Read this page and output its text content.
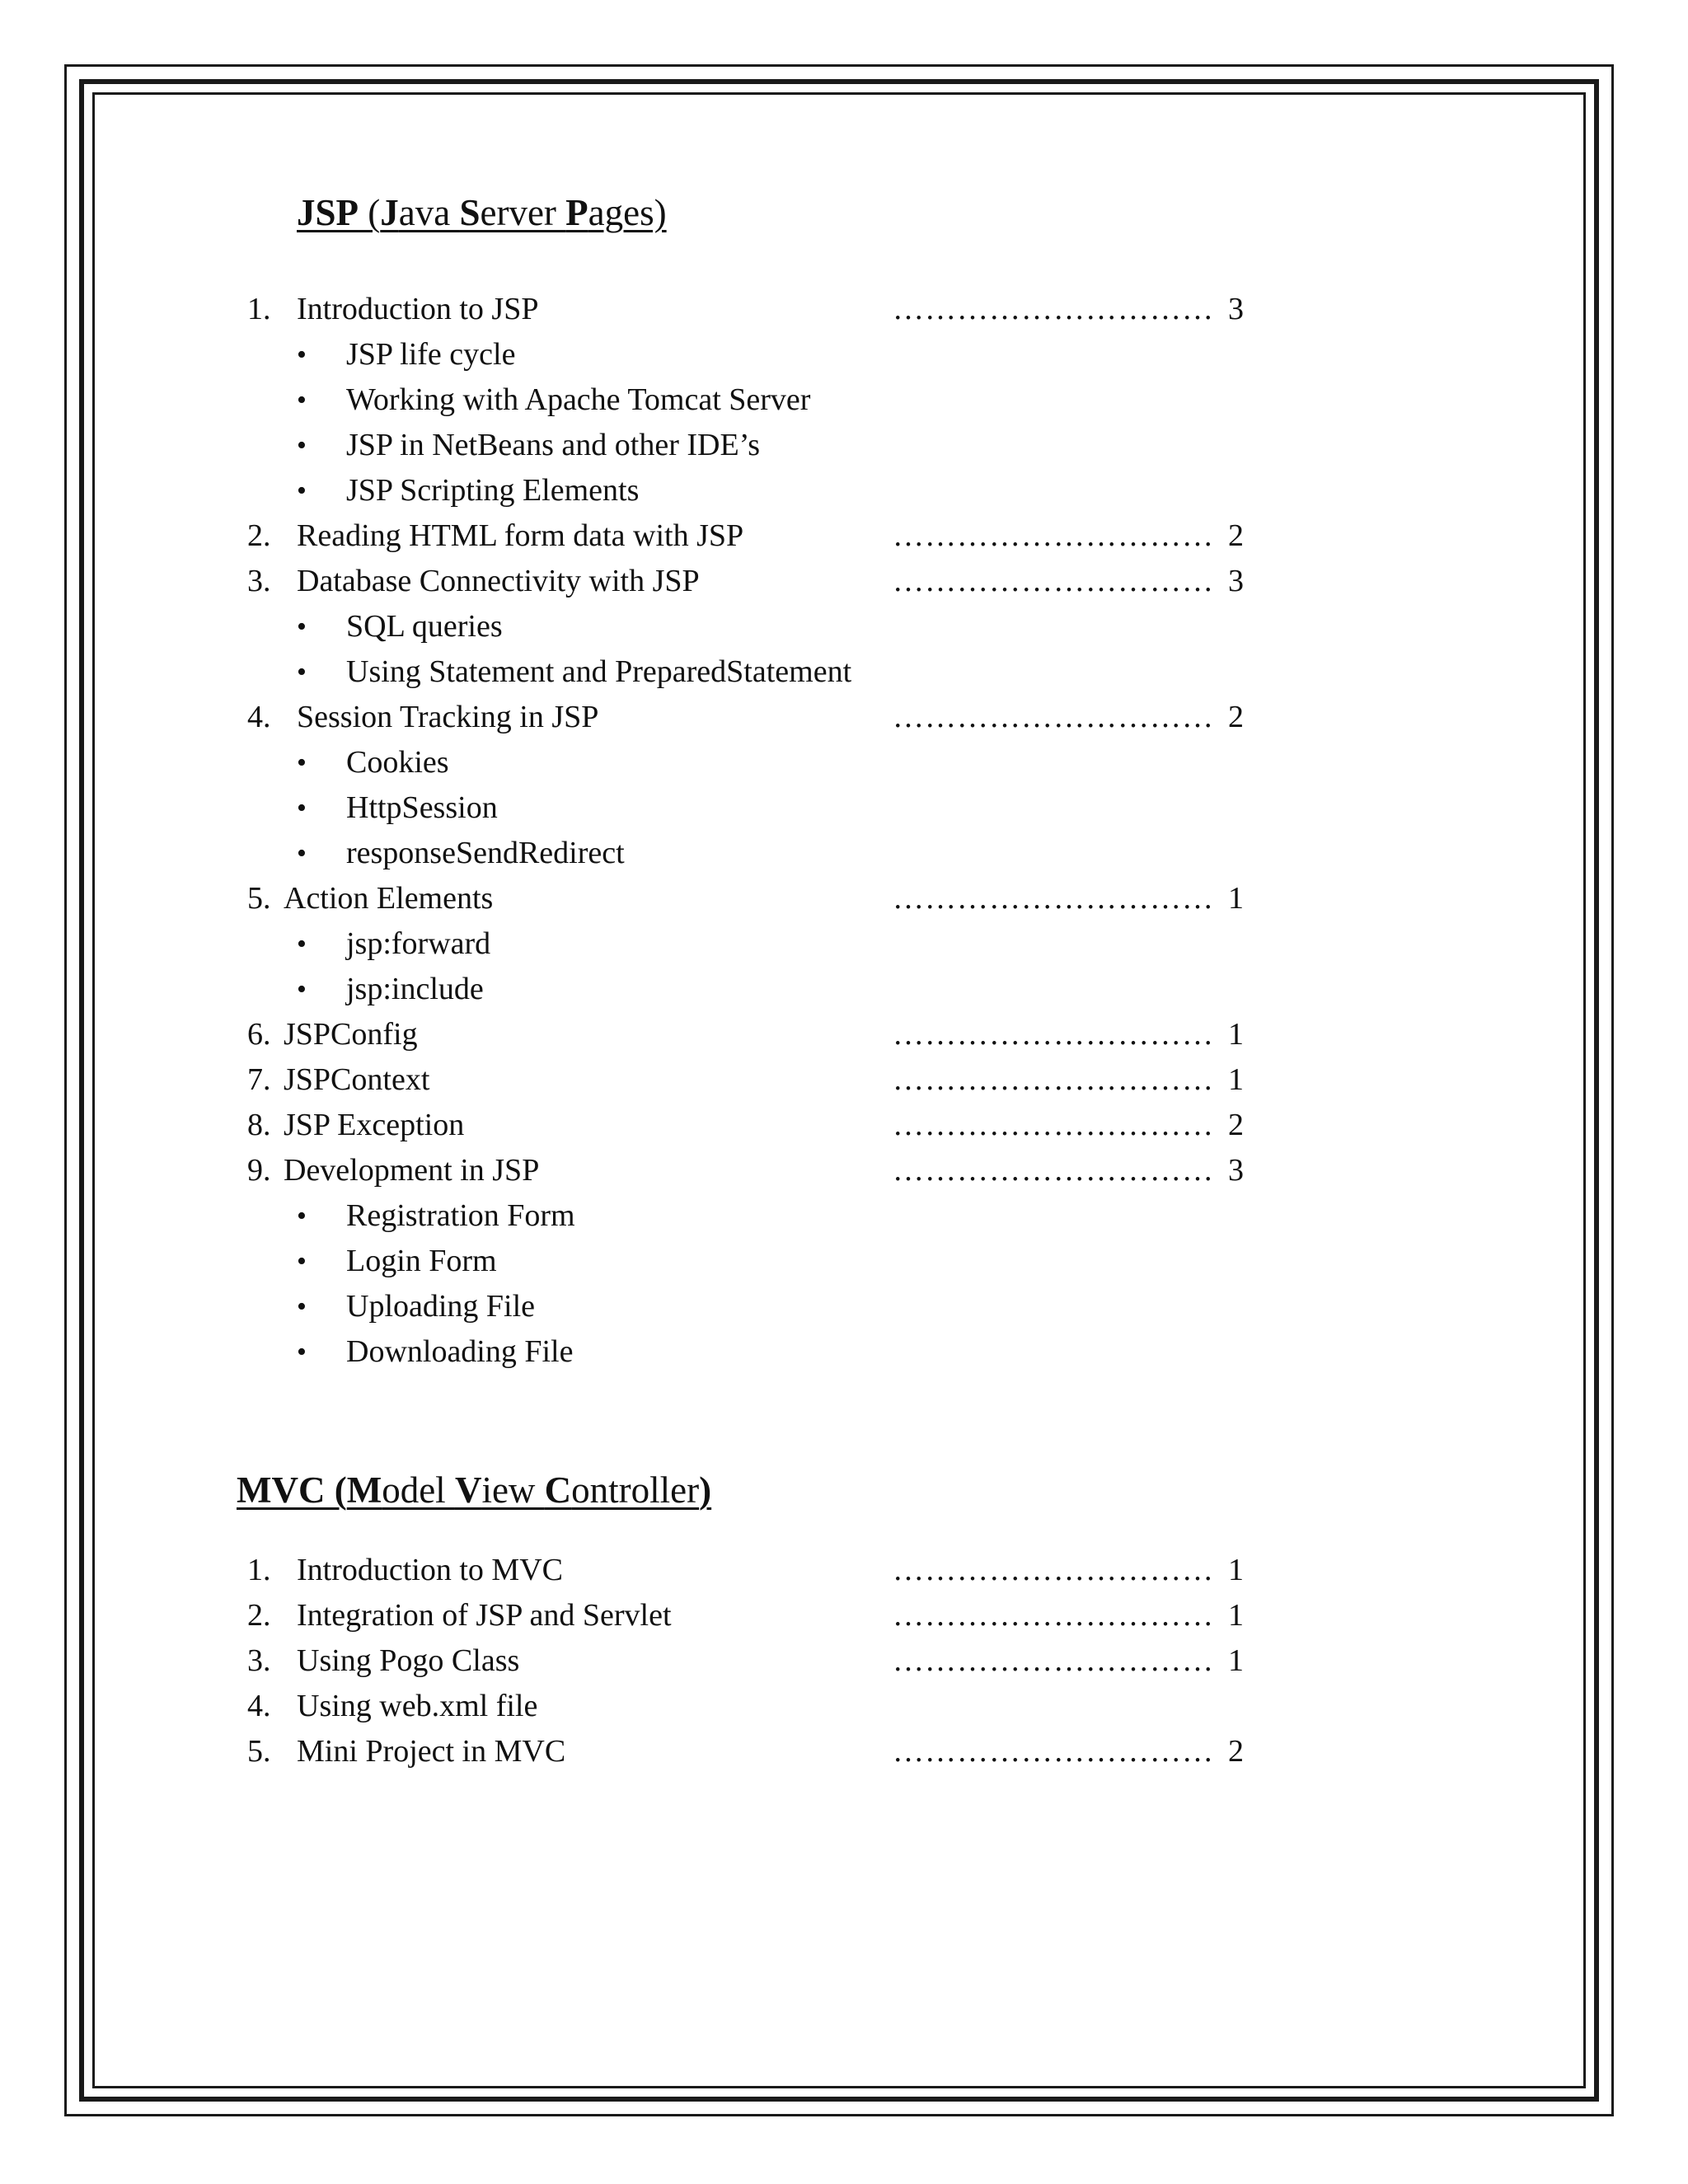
JSP (Java Server Pages)
1. Introduction to JSP	………………………… 3
• JSP life cycle
• Working with Apache Tomcat Server
• JSP in NetBeans and other IDE’s
• JSP Scripting Elements
2. Reading HTML form data with JSP	………………………… 2
3. Database Connectivity with JSP	………………………… 3
• SQL queries
• Using Statement and PreparedStatement
4. Session Tracking in JSP	………………………… 2
• Cookies
• HttpSession
• responseSendRedirect
5. Action Elements	………………………… 1
• jsp:forward
• jsp:include
6. JSPConfig	………………………… 1
7. JSPContext	………………………… 1
8. JSP Exception	………………………… 2
9. Development in JSP	………………………… 3
• Registration Form
• Login Form
• Uploading File
• Downloading File
MVC (Model View Controller)
1. Introduction to MVC	………………………… 1
2. Integration of JSP and Servlet	………………………… 1
3. Using Pogo Class	………………………… 1
4. Using web.xml file
5. Mini Project in MVC	………………………… 2
